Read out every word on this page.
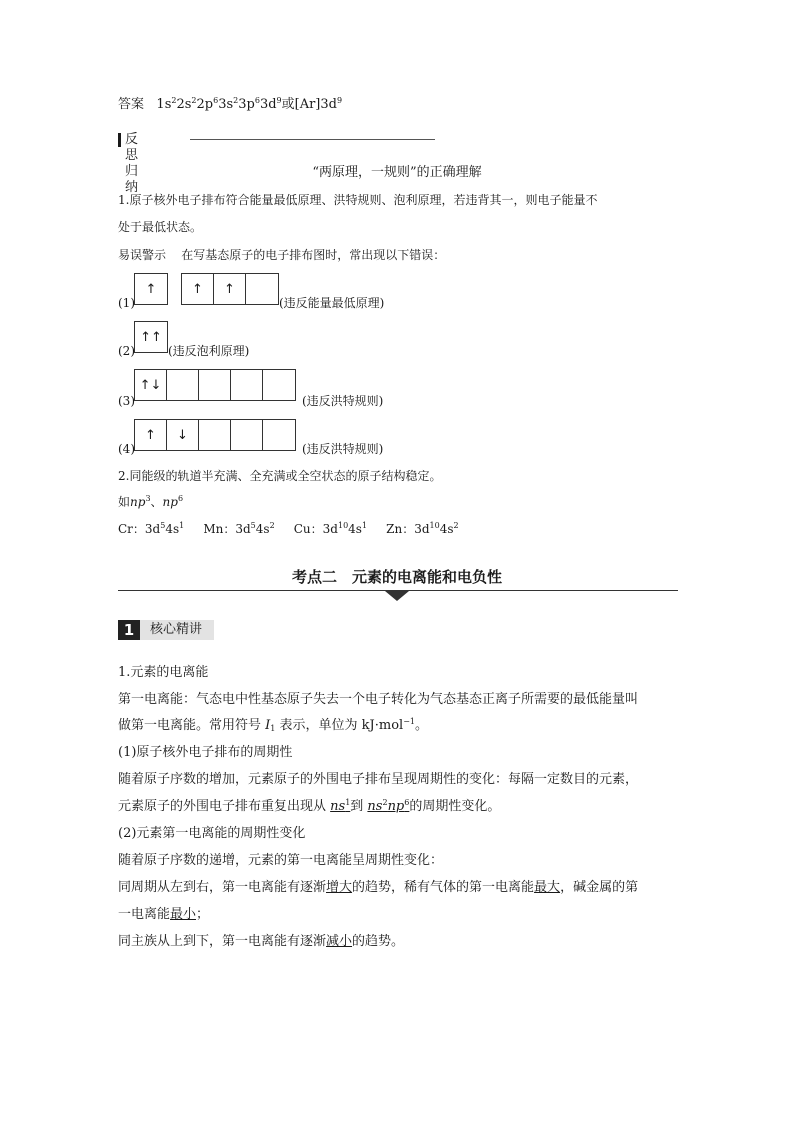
答案 $1s^22s^22p^63s^23p^63d^9$或$[Ar]3d^9$
反思归纳
“两原理，一规则”的正确理解
1.原子核外电子排布符合能量最低原理、洪特规则、泡利原理，若违背其一，则电子能量不
处于最低状态。
易误警示 在写基态原子的电子排布图时，常出现以下错误：
(1)
↑	↑ ↑
(违反能量最低原理)
(2)
↑ ↑
(违反泡利原理)
(3)
↑ ↓
(违反洪特规则)
(4)
↑ ↓
(违反洪特规则)
2.同能级的轨道半充满、全充满或全空状态的原子结构稳定。
如$np^3$、$np^6$
Cr：$3d^54s^1$ Mn：$3d^54s^2$ Cu：$3d^{10}4s^1$ Zn：$3d^{10}4s^2$
考点二　元素的电离能和电负性
1	核心精讲
1.元素的电离能
第一电离能：气态电中性基态原子失去一个电子转化为气态基态正离子所需要的最低能量叫
做第一电离能。常用符号 $I_1$ 表示，单位为 kJ·mol$^{-1}$。
(1)原子核外电子排布的周期性
随着原子序数的增加，元素原子的外围电子排布呈现周期性的变化：每隔一定数目的元素，
元素原子的外围电子排布重复出现从 $ns^1$到 $ns^2np^6$的周期性变化。
(2)元素第一电离能的周期性变化
随着原子序数的递增，元素的第一电离能呈周期性变化：
同周期从左到右，第一电离能有逐渐增大的趋势，稀有气体的第一电离能最大，碱金属的第
一电离能最小；
同主族从上到下，第一电离能有逐渐减小的趋势。
